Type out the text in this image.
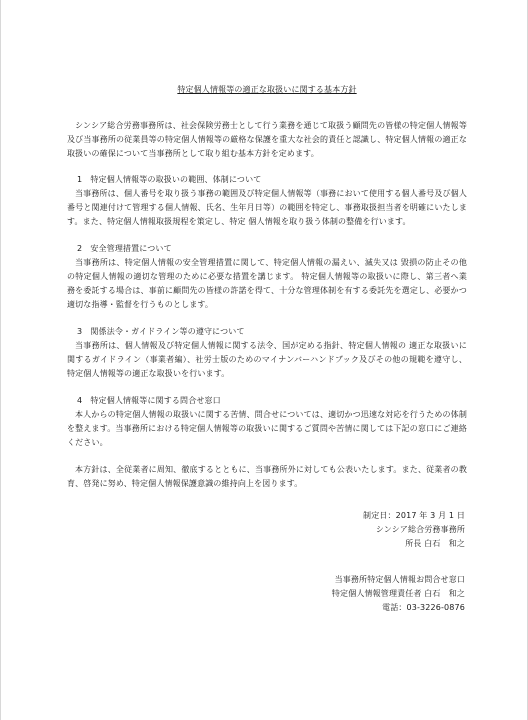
特定個人情報等の適正な取扱いに関する基本方針

シンシア総合労務事務所は、社会保険労務士として行う業務を通じて取扱う顧問先の皆様の特定個人情報等及び当事務所の従業員等の特定個人情報等の厳格な保護を重大な社会的責任と認識し、特定個人情報の適正な取扱いの確保について当事務所として取り組む基本方針を定めます。

1　特定個人情報等の取扱いの範囲、体制について

当事務所は、個人番号を取り扱う事務の範囲及び特定個人情報等（事務において使用する個人番号及び個人番号と関連付けて管理する個人情報、氏名、生年月日等）の範囲を特定し、事務取扱担当者を明確にいたします。また、特定個人情報取扱規程を策定し、特定 個人情報を取り扱う体制の整備を行います。

2　安全管理措置について

当事務所は、特定個人情報の安全管理措置に関して、特定個人情報の漏えい、滅失又は 毀損の防止その他の特定個人情報の適切な管理のために必要な措置を講じます。 特定個人情報等の取扱いに際し、第三者へ業務を委託する場合は、事前に顧問先の皆様の許諾を得て、十分な管理体制を有する委託先を選定し、必要かつ適切な指導・監督を行うものとします。

3　関係法令・ガイドライン等の遵守について

当事務所は、個人情報及び特定個人情報に関する法令、国が定める指針、特定個人情報の 適正な取扱いに関するガイドライン（事業者編）、社労士版のためのマイナンバーハンドブック及びその他の規範を遵守し、特定個人情報等の適正な取扱いを行います。

4　特定個人情報等に関する問合せ窓口

本人からの特定個人情報の取扱いに関する苦情、問合せについては、適切かつ迅速な対応を行うための体制を整えます。当事務所における特定個人情報等の取扱いに関するご質問や苦情に関しては下記の窓口にご連絡ください。

本方針は、全従業者に周知、徹底するとともに、当事務所外に対しても公表いたします。また、従業者の教育、啓発に努め、特定個人情報保護意識の維持向上を図ります。

制定日：2017 年 3 月 1 日

シンシア総合労務事務所

所長 白石　和之

当事務所特定個人情報お問合せ窓口

特定個人情報管理責任者 白石　和之

電話：03-3226-0876
